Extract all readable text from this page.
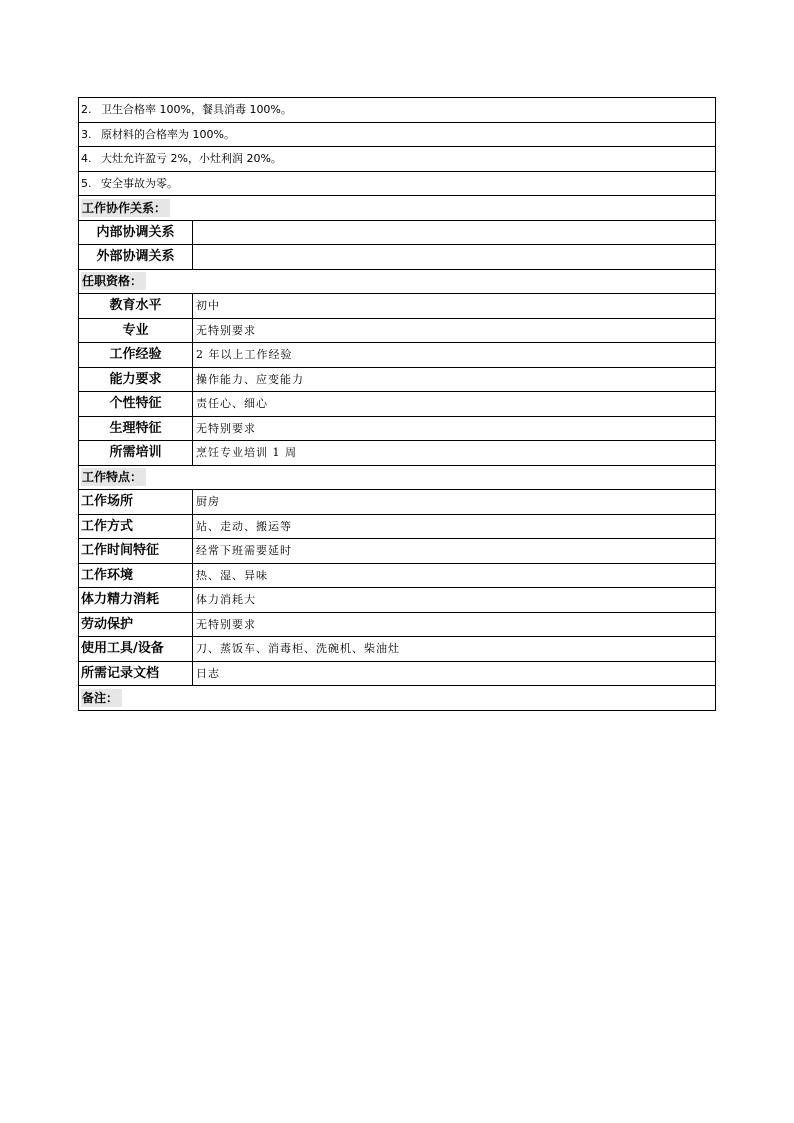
2. 卫生合格率 100%，餐具消毒 100%。
3. 原材料的合格率为 100%。
4. 大灶允许盈亏 2%，小灶利润 20%。
5. 安全事故为零。
工作协作关系：
内部协调关系
外部协调关系
任职资格：
教育水平	初中
专业	无特别要求
工作经验	2 年以上工作经验
能力要求	操作能力、应变能力
个性特征	责任心、细心
生理特征	无特别要求
所需培训	烹饪专业培训 1 周
工作特点：
工作场所	厨房
工作方式	站、走动、搬运等
工作时间特征	经常下班需要延时
工作环境	热、湿、异味
体力精力消耗	体力消耗大
劳动保护	无特别要求
使用工具/设备	刀、蒸饭车、消毒柜、洗碗机、柴油灶
所需记录文档	日志
备注：
